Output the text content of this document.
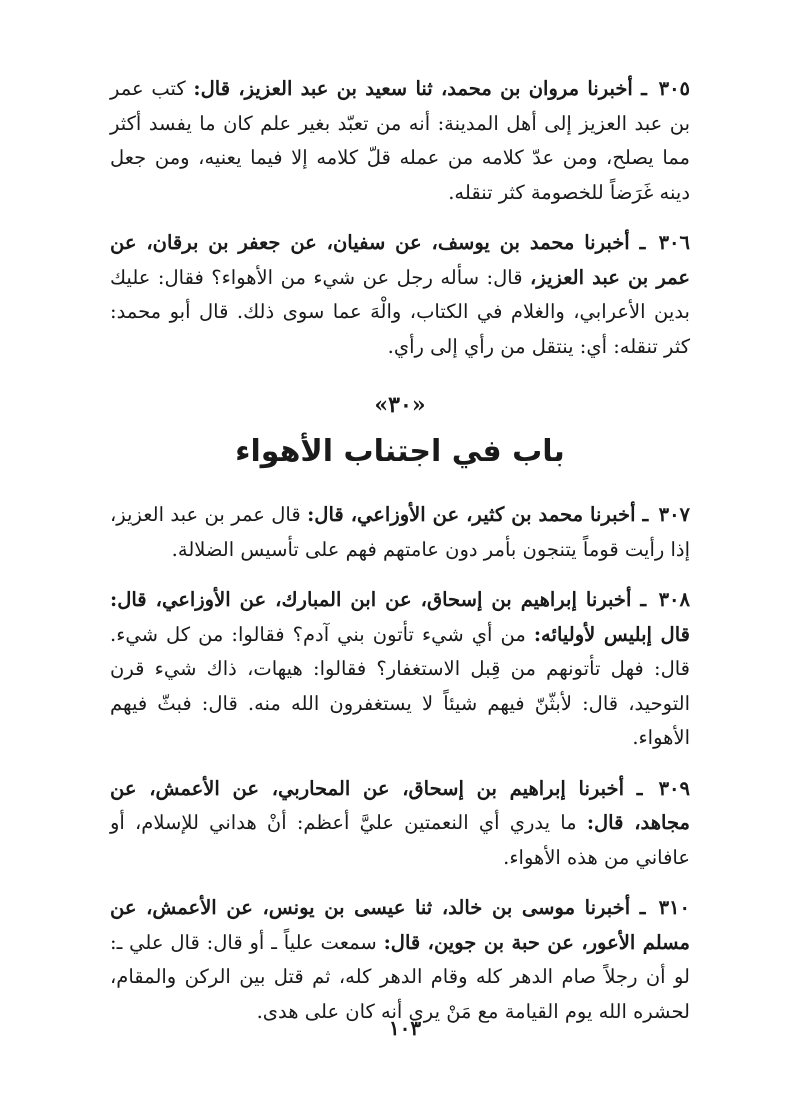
٣٠٥ ـ أخبرنا مروان بن محمد، ثنا سعيد بن عبد العزيز، قال: كتب عمر بن عبد العزيز إلى أهل المدينة: أنه من تعبّد بغير علم كان ما يفسد أكثر مما يصلح، ومن عدّ كلامه من عمله قلّ كلامه إلا فيما يعنيه، ومن جعل دينه غَرَضاً للخصومة كثر تنقله.

٣٠٦ ـ أخبرنا محمد بن يوسف، عن سفيان، عن جعفر بن برقان، عن عمر بن عبد العزيز، قال: سأله رجل عن شيء من الأهواء؟ فقال: عليك بدين الأعرابي، والغلام في الكتاب، والْهَ عما سوى ذلك. قال أبو محمد: كثر تنقله: أي: ينتقل من رأي إلى رأي.

«٣٠»
باب في اجتناب الأهواء

٣٠٧ ـ أخبرنا محمد بن كثير، عن الأوزاعي، قال: قال عمر بن عبد العزيز، إذا رأيت قوماً يتنجون بأمر دون عامتهم فهم على تأسيس الضلالة.

٣٠٨ ـ أخبرنا إبراهيم بن إسحاق، عن ابن المبارك، عن الأوزاعي، قال: قال إبليس لأوليائه: من أي شيء تأتون بني آدم؟ فقالوا: من كل شيء. قال: فهل تأتونهم من قِبل الاستغفار؟ فقالوا: هيهات، ذاك شيء قرن التوحيد، قال: لأبثّنّ فيهم شيئاً لا يستغفرون الله منه. قال: فبثّ فيهم الأهواء.

٣٠٩ ـ أخبرنا إبراهيم بن إسحاق، عن المحاربي، عن الأعمش، عن مجاهد، قال: ما يدري أي النعمتين عليَّ أعظم: أنْ هداني للإسلام، أو عافاني من هذه الأهواء.

٣١٠ ـ أخبرنا موسى بن خالد، ثنا عيسى بن يونس، عن الأعمش، عن مسلم الأعور، عن حبة بن جوين، قال: سمعت علياً ـ أو قال: قال علي ـ: لو أن رجلاً صام الدهر كله وقام الدهر كله، ثم قتل بين الركن والمقام، لحشره الله يوم القيامة مع مَنْ يرى أنه كان على هدى.

١٠٣
